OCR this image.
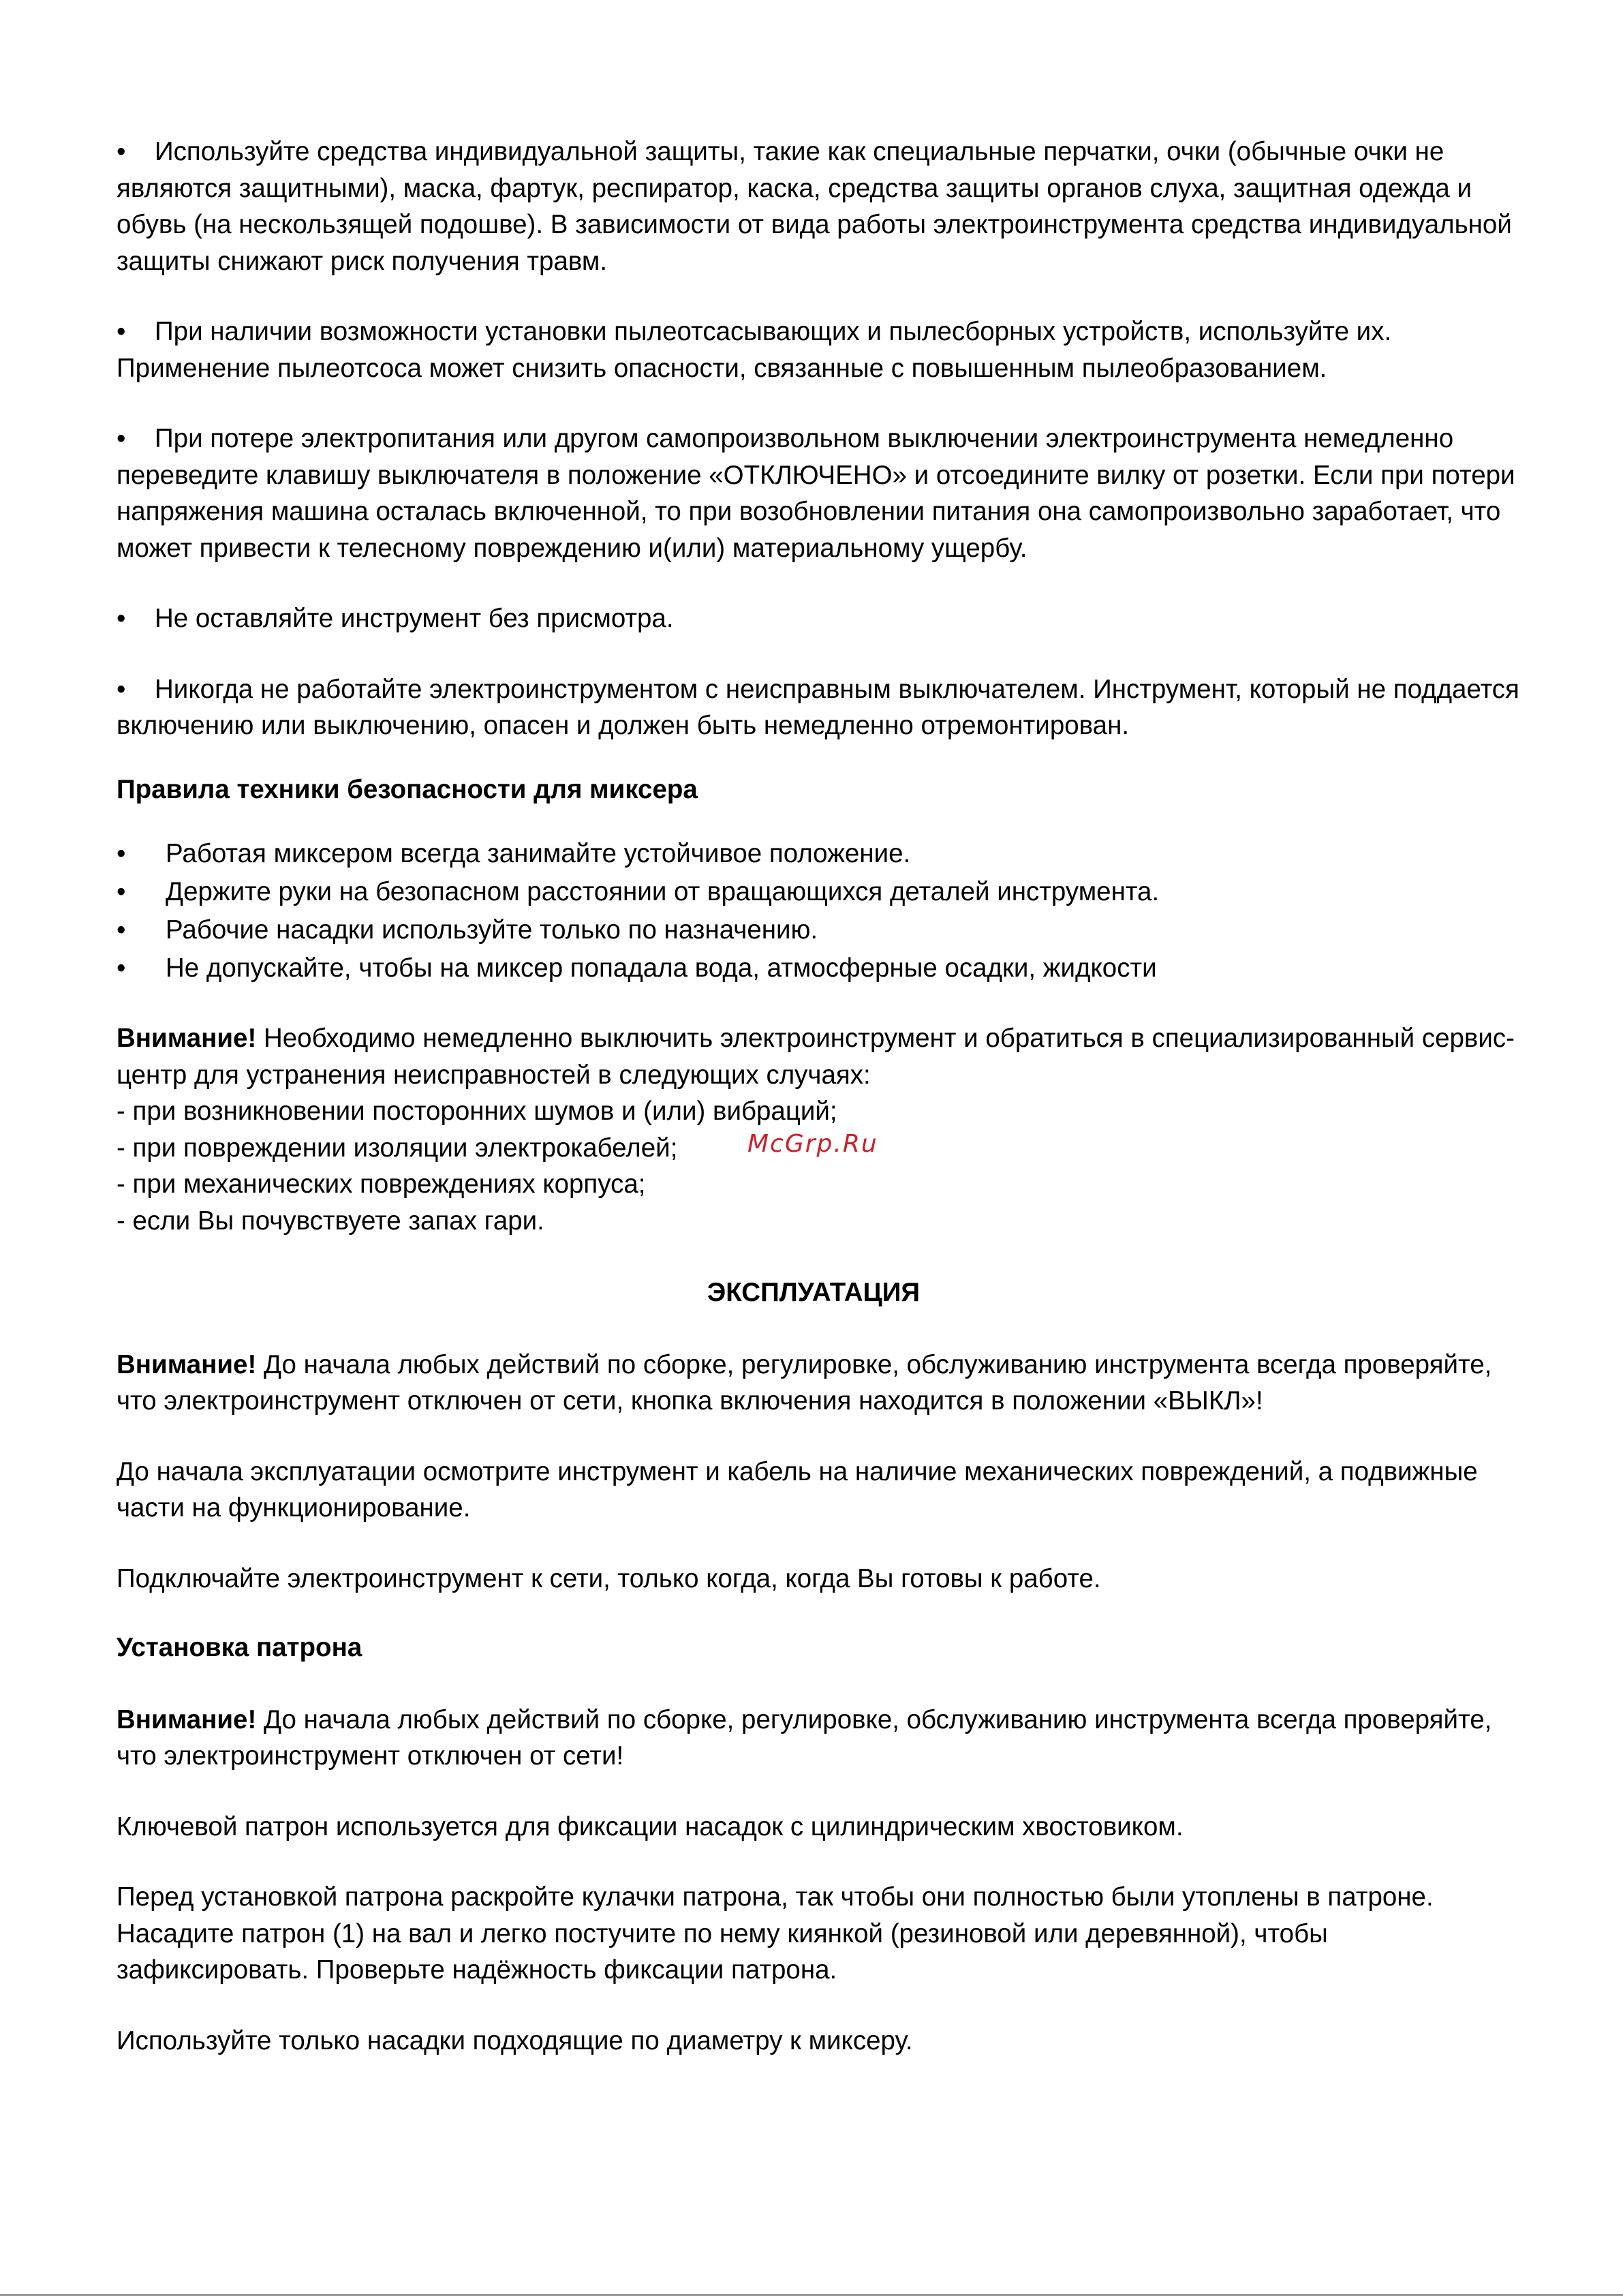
• Используйте средства индивидуальной защиты, такие как специальные перчатки, очки (обычные очки не являются защитными), маска, фартук, респиратор, каска, средства защиты органов слуха, защитная одежда и обувь (на нескользящей подошве). В зависимости от вида работы электроинструмента средства индивидуальной защиты снижают риск получения травм.

• При наличии возможности установки пылеотсасывающих и пылесборных устройств, используйте их. Применение пылеотсоса может снизить опасности, связанные с повышенным пылеобразованием.

• При потере электропитания или другом самопроизвольном выключении электроинструмента немедленно переведите клавишу выключателя в положение «ОТКЛЮЧЕНО» и отсоедините вилку от розетки. Если при потери напряжения машина осталась включенной, то при возобновлении питания она самопроизвольно заработает, что может привести к телесному повреждению и(или) материальному ущербу.

• Не оставляйте инструмент без присмотра.

• Никогда не работайте электроинструментом с неисправным выключателем. Инструмент, который не поддается включению или выключению, опасен и должен быть немедленно отремонтирован.

Правила техники безопасности для миксера

• Работая миксером всегда занимайте устойчивое положение.
• Держите руки на безопасном расстоянии от вращающихся деталей инструмента.
• Рабочие насадки используйте только по назначению.
• Не допускайте, чтобы на миксер попадала вода, атмосферные осадки, жидкости

Внимание! Необходимо немедленно выключить электроинструмент и обратиться в специализированный сервис-центр для устранения неисправностей в следующих случаях:

- при возникновении посторонних шумов и (или) вибраций;

- при повреждении изоляции электрокабелей;

- при механических повреждениях корпуса;

- если Вы почувствуете запах гари.

ЭКСПЛУАТАЦИЯ

Внимание! До начала любых действий по сборке, регулировке, обслуживанию инструмента всегда проверяйте, что электроинструмент отключен от сети, кнопка включения находится в положении «ВЫКЛ»!

До начала эксплуатации осмотрите инструмент и кабель на наличие механических повреждений, а подвижные части на функционирование.

Подключайте электроинструмент к сети, только когда, когда Вы готовы к работе.

Установка патрона

Внимание! До начала любых действий по сборке, регулировке, обслуживанию инструмента всегда проверяйте, что электроинструмент отключен от сети!

Ключевой патрон используется для фиксации насадок с цилиндрическим хвостовиком.

Перед установкой патрона раскройте кулачки патрона, так чтобы они полностью были утоплены в патроне. Насадите патрон (1) на вал и легко постучите по нему киянкой (резиновой или деревянной), чтобы зафиксировать. Проверьте надёжность фиксации патрона.

Используйте только насадки подходящие по диаметру к миксеру.

McGrp.Ru
